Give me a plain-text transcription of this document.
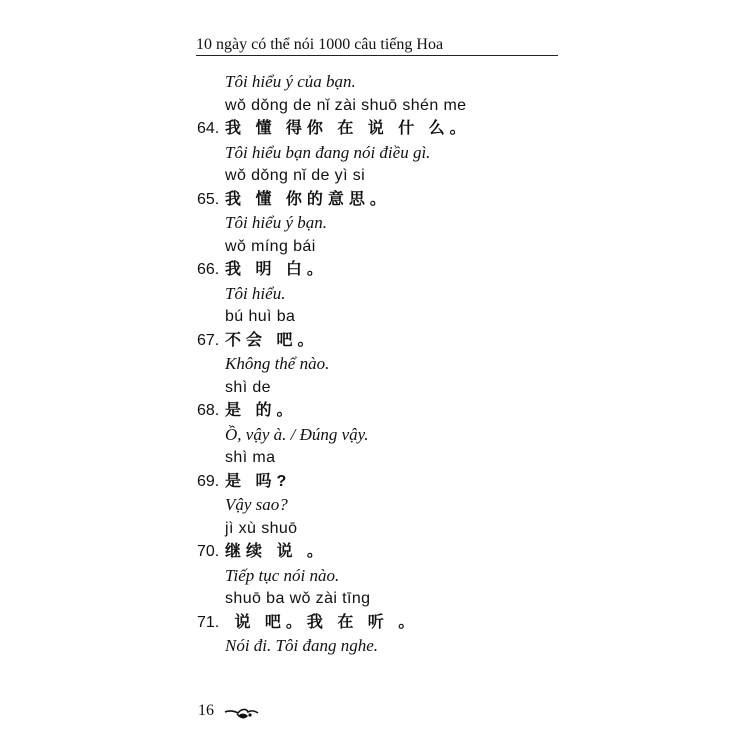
10 ngày có thể nói 1000 câu tiếng Hoa
Tôi hiểu ý của bạn.
wǒ dǒng de nǐ zài shuō shén me
64. 我 懂 得你 在 说 什 么。
Tôi hiểu bạn đang nói điều gì.
wǒ dǒng nǐ de yì si
65. 我 懂 你的意思。
Tôi hiểu ý bạn.
wǒ míng bái
66. 我 明 白。
Tôi hiểu.
bú huì ba
67. 不会 吧。
Không thể nào.
shì de
68. 是 的。
Ồ, vậy à. / Đúng vậy.
shì ma
69. 是 吗?
Vậy sao?
jì xù shuō
70. 继续 说 。
Tiếp tục nói nào.
shuō ba wǒ zài tīng
71. 说 吧。我 在 听 。
Nói đi. Tôi đang nghe.
16
